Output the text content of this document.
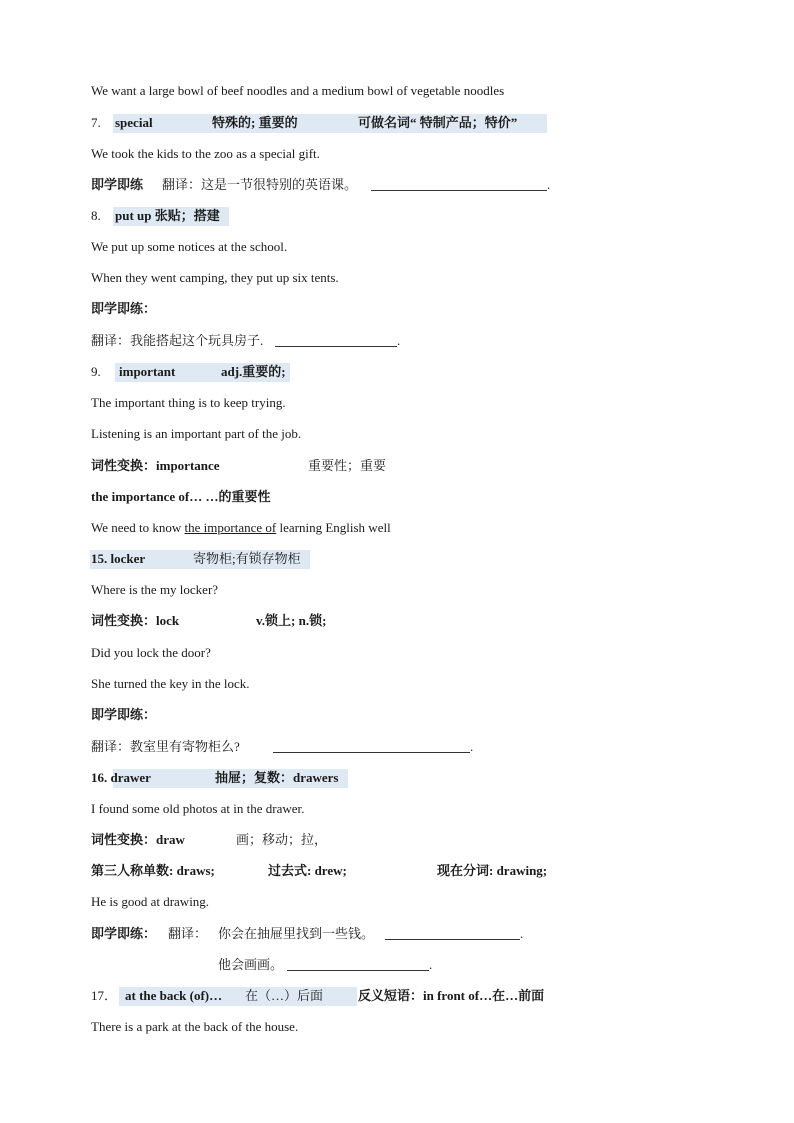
We want a large bowl of beef noodles and a medium bowl of vegetable noodles
7. special	特殊的; 重要的	可做名词“ 特制产品；特价”
We took the kids to the zoo as a special gift.
即学即练 翻译：这是一节很特别的英语课。	.
8. put up 张贴；搭建
We put up some notices at the school.
When they went camping, they put up six tents.
即学即练：
翻译：我能搭起这个玩具房子.	.
9. important	adj.重要的;
The important thing is to keep trying.
Listening is an important part of the job.
词性变换：importance	重要性；重要
the importance of… …的重要性
We need to know the importance of learning English well
15. locker	寄物柜;有锁存物柜
Where is the my locker?
词性变换：lock	v.锁上; n.锁;
Did you lock the door?
She turned the key in the lock.
即学即练：
翻译：教室里有寄物柜么?	.
16. drawer	抽屉；复数：drawers
I found some old photos at in the drawer.
词性变换：draw	画；移动；拉，
第三人称单数: draws;	过去式: drew;	现在分词: drawing;
He is good at drawing.
即学即练： 翻译： 你会在抽屉里找到一些钱。	.
他会画画。	.
17． at the back (of)… 在（…）后面	反义短语：in front of…在…前面
There is a park at the back of the house.
